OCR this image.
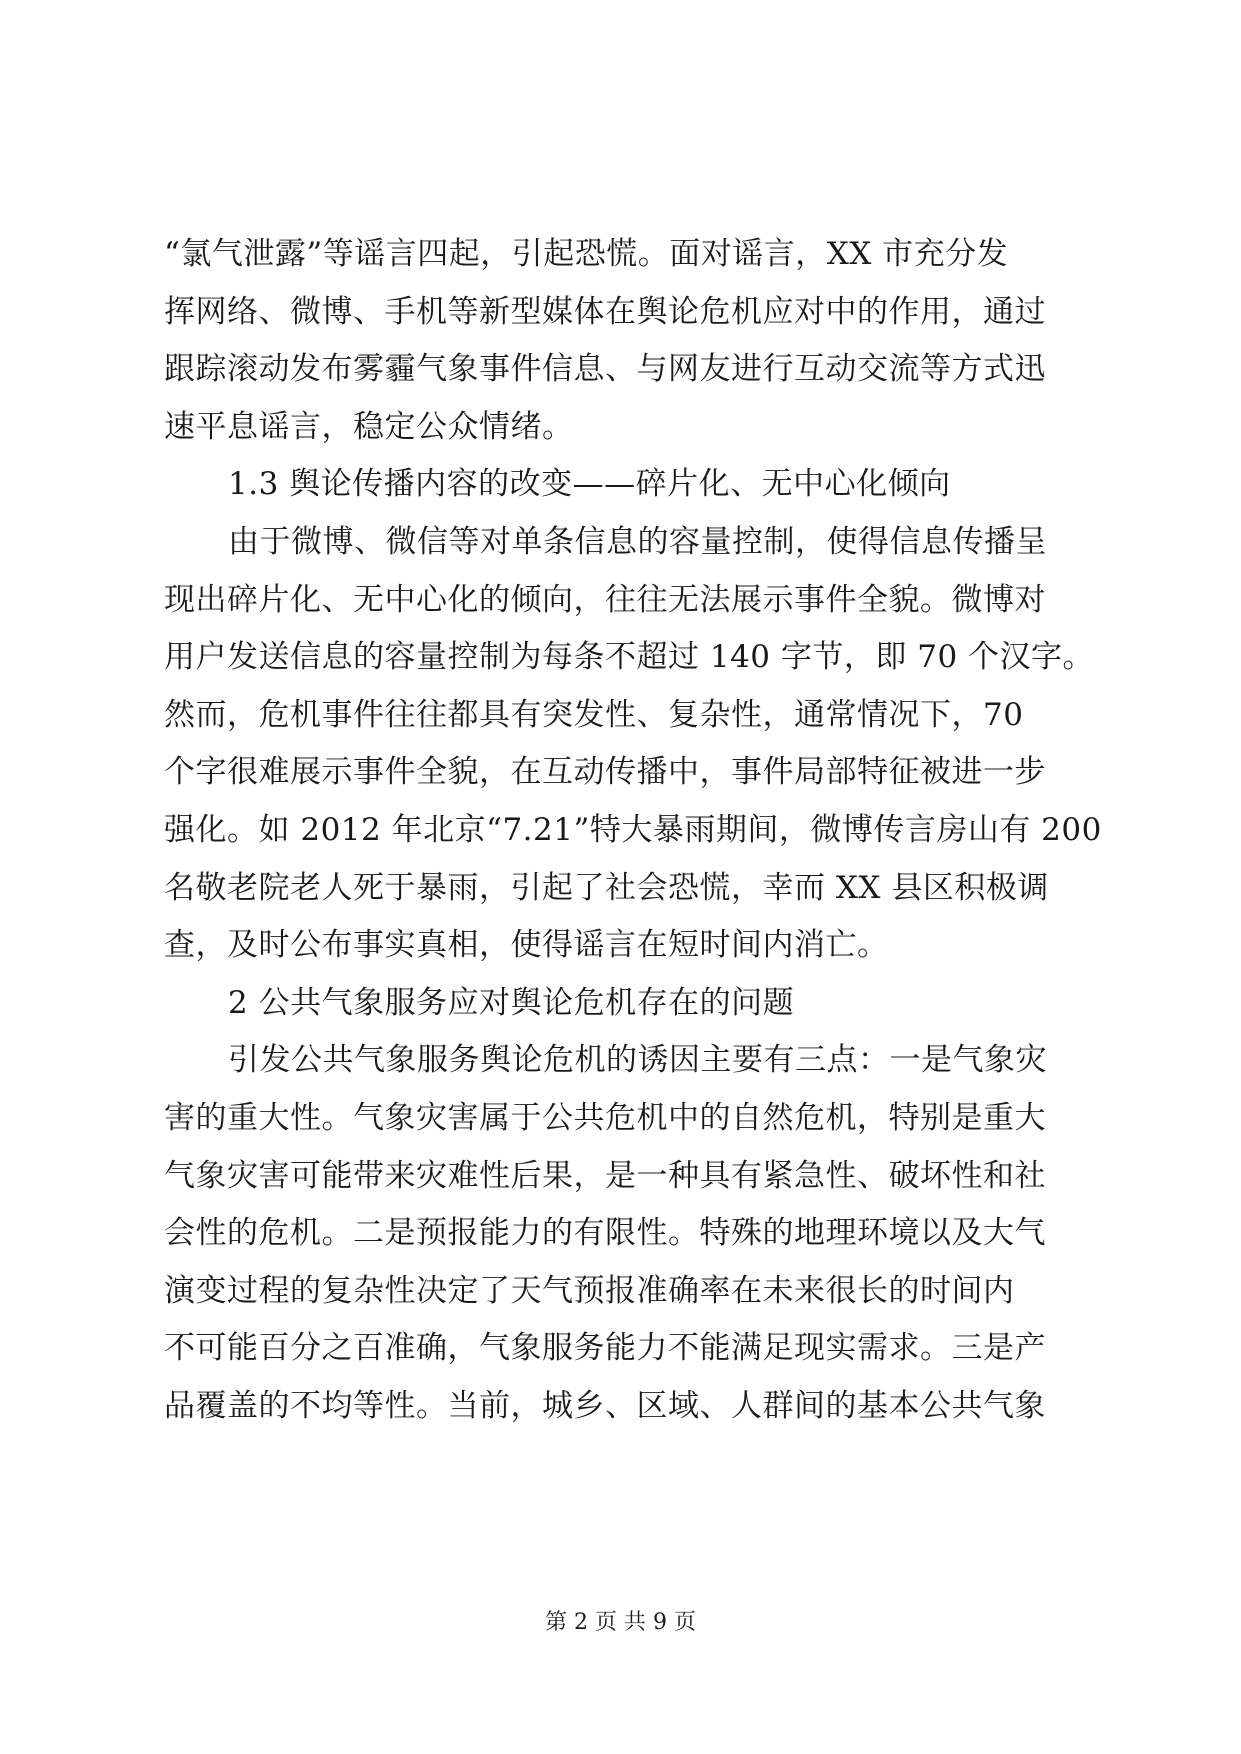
“氯气泄露”等谣言四起，引起恐慌。面对谣言，XX 市充分发
挥网络、微博、手机等新型媒体在舆论危机应对中的作用，通过
跟踪滚动发布雾霾气象事件信息、与网友进行互动交流等方式迅
速平息谣言，稳定公众情绪。
1.3 舆论传播内容的改变——碎片化、无中心化倾向
由于微博、微信等对单条信息的容量控制，使得信息传播呈
现出碎片化、无中心化的倾向，往往无法展示事件全貌。微博对
用户发送信息的容量控制为每条不超过 140 字节，即 70 个汉字。
然而，危机事件往往都具有突发性、复杂性，通常情况下，70
个字很难展示事件全貌，在互动传播中，事件局部特征被进一步
强化。如 2012 年北京“7.21”特大暴雨期间，微博传言房山有 200
名敬老院老人死于暴雨，引起了社会恐慌，幸而 XX 县区积极调
查，及时公布事实真相，使得谣言在短时间内消亡。
2 公共气象服务应对舆论危机存在的问题
引发公共气象服务舆论危机的诱因主要有三点：一是气象灾
害的重大性。气象灾害属于公共危机中的自然危机，特别是重大
气象灾害可能带来灾难性后果，是一种具有紧急性、破坏性和社
会性的危机。二是预报能力的有限性。特殊的地理环境以及大气
演变过程的复杂性决定了天气预报准确率在未来很长的时间内
不可能百分之百准确，气象服务能力不能满足现实需求。三是产
品覆盖的不均等性。当前，城乡、区域、人群间的基本公共气象
第 2 页 共 9 页
